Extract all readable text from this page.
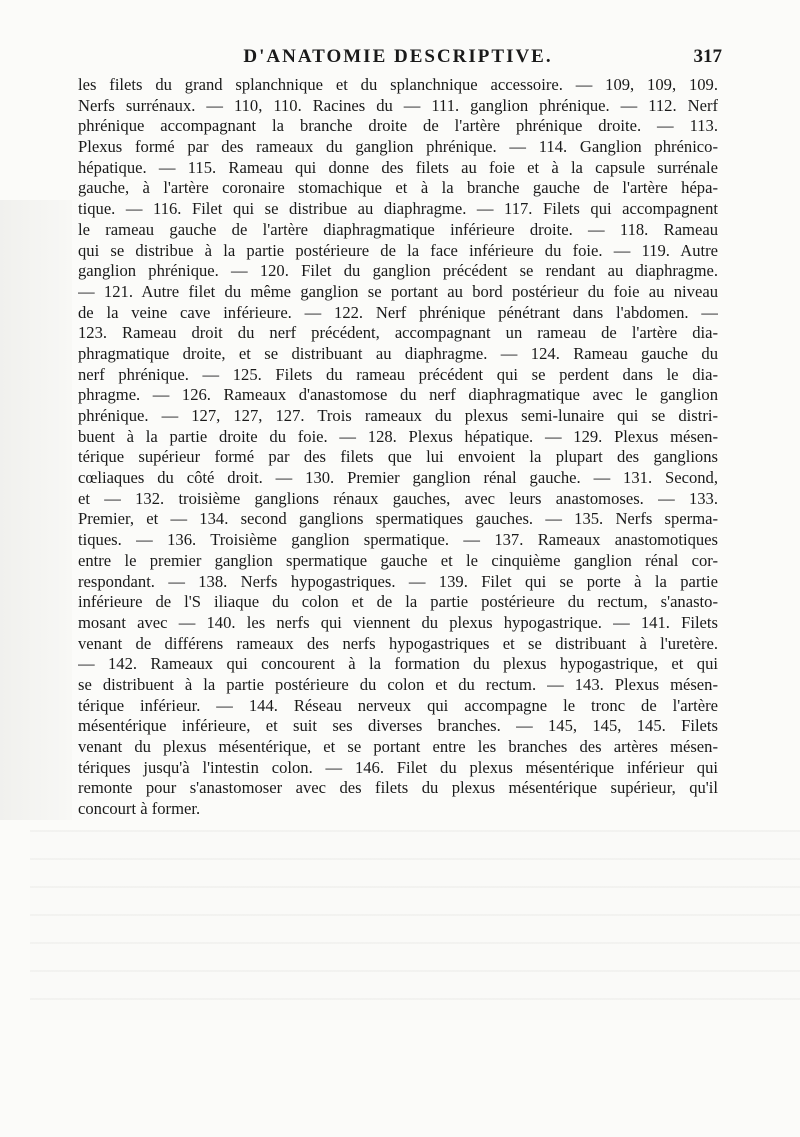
D'ANATOMIE DESCRIPTIVE.	317
les filets du grand splanchnique et du splanchnique accessoire. — 109, 109, 109.
Nerfs surrénaux. — 110, 110. Racines du — 111. ganglion phrénique. — 112. Nerf
phrénique accompagnant la branche droite de l'artère phrénique droite. — 113.
Plexus formé par des rameaux du ganglion phrénique. — 114. Ganglion phrénico-
hépatique. — 115. Rameau qui donne des filets au foie et à la capsule surrénale
gauche, à l'artère coronaire stomachique et à la branche gauche de l'artère hépa-
tique. — 116. Filet qui se distribue au diaphragme. — 117. Filets qui accompagnent
le rameau gauche de l'artère diaphragmatique inférieure droite. — 118. Rameau
qui se distribue à la partie postérieure de la face inférieure du foie. — 119. Autre
ganglion phrénique. — 120. Filet du ganglion précédent se rendant au diaphragme.
— 121. Autre filet du même ganglion se portant au bord postérieur du foie au niveau
de la veine cave inférieure. — 122. Nerf phrénique pénétrant dans l'abdomen. —
123. Rameau droit du nerf précédent, accompagnant un rameau de l'artère dia-
phragmatique droite, et se distribuant au diaphragme. — 124. Rameau gauche du
nerf phrénique. — 125. Filets du rameau précédent qui se perdent dans le dia-
phragme. — 126. Rameaux d'anastomose du nerf diaphragmatique avec le ganglion
phrénique. — 127, 127, 127. Trois rameaux du plexus semi-lunaire qui se distri-
buent à la partie droite du foie. — 128. Plexus hépatique. — 129. Plexus mésen-
térique supérieur formé par des filets que lui envoient la plupart des ganglions
cœliaques du côté droit. — 130. Premier ganglion rénal gauche. — 131. Second,
et — 132. troisième ganglions rénaux gauches, avec leurs anastomoses. — 133.
Premier, et — 134. second ganglions spermatiques gauches. — 135. Nerfs sperma-
tiques. — 136. Troisième ganglion spermatique. — 137. Rameaux anastomotiques
entre le premier ganglion spermatique gauche et le cinquième ganglion rénal cor-
respondant. — 138. Nerfs hypogastriques. — 139. Filet qui se porte à la partie
inférieure de l'S iliaque du colon et de la partie postérieure du rectum, s'anasto-
mosant avec — 140. les nerfs qui viennent du plexus hypogastrique. — 141. Filets
venant de différens rameaux des nerfs hypogastriques et se distribuant à l'uretère.
— 142. Rameaux qui concourent à la formation du plexus hypogastrique, et qui
se distribuent à la partie postérieure du colon et du rectum. — 143. Plexus mésen-
térique inférieur. — 144. Réseau nerveux qui accompagne le tronc de l'artère
mésentérique inférieure, et suit ses diverses branches. — 145, 145, 145. Filets
venant du plexus mésentérique, et se portant entre les branches des artères mésen-
tériques jusqu'à l'intestin colon. — 146. Filet du plexus mésentérique inférieur qui
remonte pour s'anastomoser avec des filets du plexus mésentérique supérieur, qu'il
concourt à former.
